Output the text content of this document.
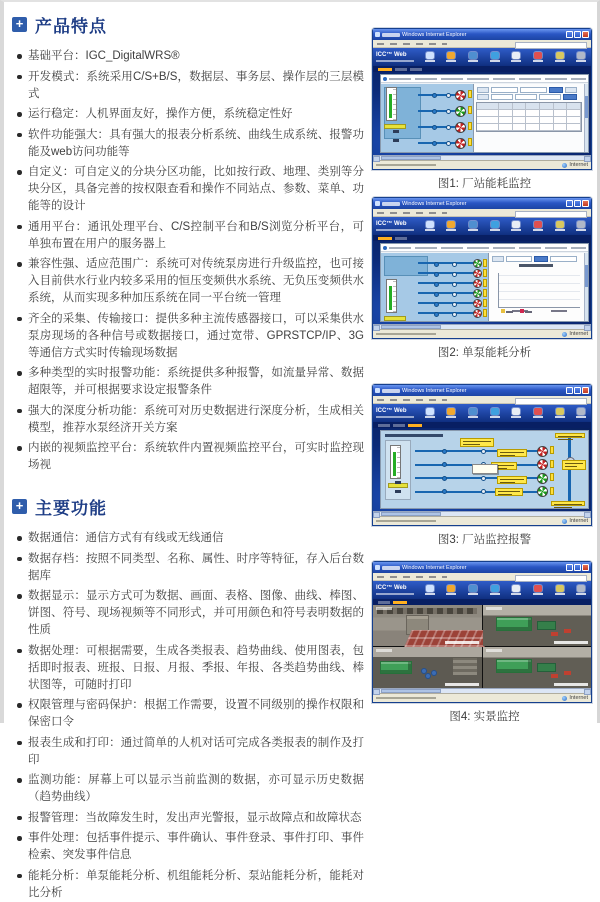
+ 产品特点
基础平台：IGC_DigitalWRS®
开发模式：系统采用C/S+B/S，数据层、事务层、操作层的三层模式
运行稳定：人机界面友好，操作方便，系统稳定性好
软件功能强大：具有强大的报表分析系统、曲线生成系统、报警功能及web访问功能等
自定义：可自定义的分块分区功能，比如按行政、地理、类别等分块分区，具备完善的按权限查看和操作不同站点、参数、菜单、功能等的设计
通用平台：通讯处理平台、C/S控制平台和B/S浏览分析平台，可单独布置在用户的服务器上
兼容性强、适应范围广：系统可对传统泵房进行升级监控，也可接入目前供水行业内较多采用的恒压变频供水系统、无负压变频供水系统，从而实现多种加压系统在同一平台统一管理
齐全的采集、传输接口：提供多种主流传感器接口，可以采集供水泵房现场的各种信号或数据接口，通过宽带、GPRSTCP/IP、3G等通信方式实时传输现场数据
多种类型的实时报警功能：系统提供多种报警，如流量异常、数据超限等，并可根据要求设定报警条件
强大的深度分析功能：系统可对历史数据进行深度分析，生成相关模型，推荐水泵经济开关方案
内嵌的视频监控平台：系统软件内置视频监控平台，可实时监控现场视
+ 主要功能
数据通信：通信方式有有线或无线通信
数据存档：按照不同类型、名称、属性、时序等特征，存入后台数据库
数据显示：显示方式可为数据、画面、表格、图像、曲线、棒图、饼图、符号、现场视频等不同形式，并可用颜色和符号表明数据的性质
数据处理：可根据需要，生成各类报表、趋势曲线、使用图表，包括即时报表、班报、日报、月报、季报、年报、各类趋势曲线、棒状图等，可随时打印
权限管理与密码保护：根据工作需要，设置不同级别的操作权限和保密口令
报表生成和打印：通过简单的人机对话可完成各类报表的制作及打印
监测功能：屏幕上可以显示当前监测的数据，亦可显示历史数据（趋势曲线）
报警管理：当故障发生时，发出声光警报，显示故障点和故障状态
事件处理：包括事件提示、事件确认、事件登录、事件打印、事件检索、突发事件信息
能耗分析：单泵能耗分析、机组能耗分析、泵站能耗分析，能耗对比分析
Windows Internet Explorer
ICC™ Web
Internet
图1: 厂站能耗监控
Windows Internet Explorer
ICC™ Web
Internet
图2: 单泵能耗分析
Windows Internet Explorer
ICC™ Web
Internet
图3: 厂站监控报警
Windows Internet Explorer
ICC™ Web
Internet
图4: 实景监控
